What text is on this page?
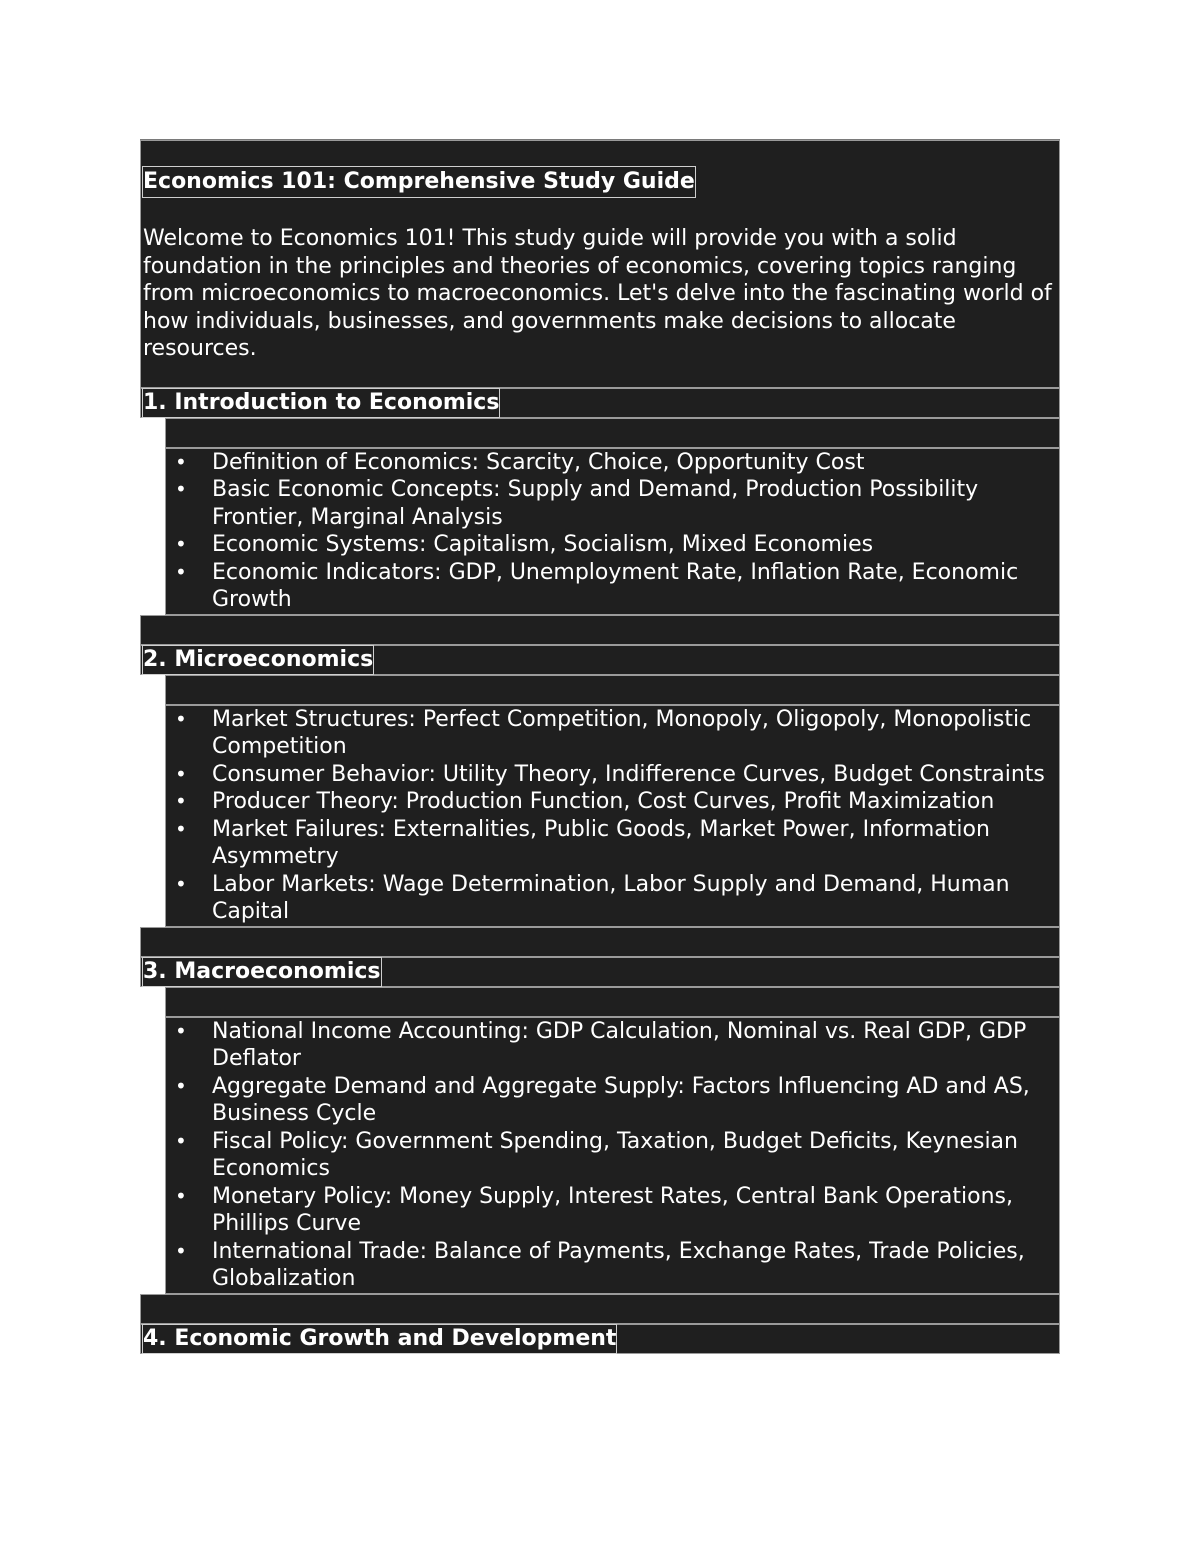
Economics 101: Comprehensive Study Guide

Welcome to Economics 101! This study guide will provide you with a solid foundation in the principles and theories of economics, covering topics ranging from microeconomics to macroeconomics. Let's delve into the fascinating world of how individuals, businesses, and governments make decisions to allocate resources.

1. Introduction to Economics

• Definition of Economics: Scarcity, Choice, Opportunity Cost
• Basic Economic Concepts: Supply and Demand, Production Possibility Frontier, Marginal Analysis
• Economic Systems: Capitalism, Socialism, Mixed Economies
• Economic Indicators: GDP, Unemployment Rate, Inflation Rate, Economic Growth

2. Microeconomics

• Market Structures: Perfect Competition, Monopoly, Oligopoly, Monopolistic Competition
• Consumer Behavior: Utility Theory, Indifference Curves, Budget Constraints
• Producer Theory: Production Function, Cost Curves, Profit Maximization
• Market Failures: Externalities, Public Goods, Market Power, Information Asymmetry
• Labor Markets: Wage Determination, Labor Supply and Demand, Human Capital

3. Macroeconomics

• National Income Accounting: GDP Calculation, Nominal vs. Real GDP, GDP Deflator
• Aggregate Demand and Aggregate Supply: Factors Influencing AD and AS, Business Cycle
• Fiscal Policy: Government Spending, Taxation, Budget Deficits, Keynesian Economics
• Monetary Policy: Money Supply, Interest Rates, Central Bank Operations, Phillips Curve
• International Trade: Balance of Payments, Exchange Rates, Trade Policies, Globalization

4. Economic Growth and Development
